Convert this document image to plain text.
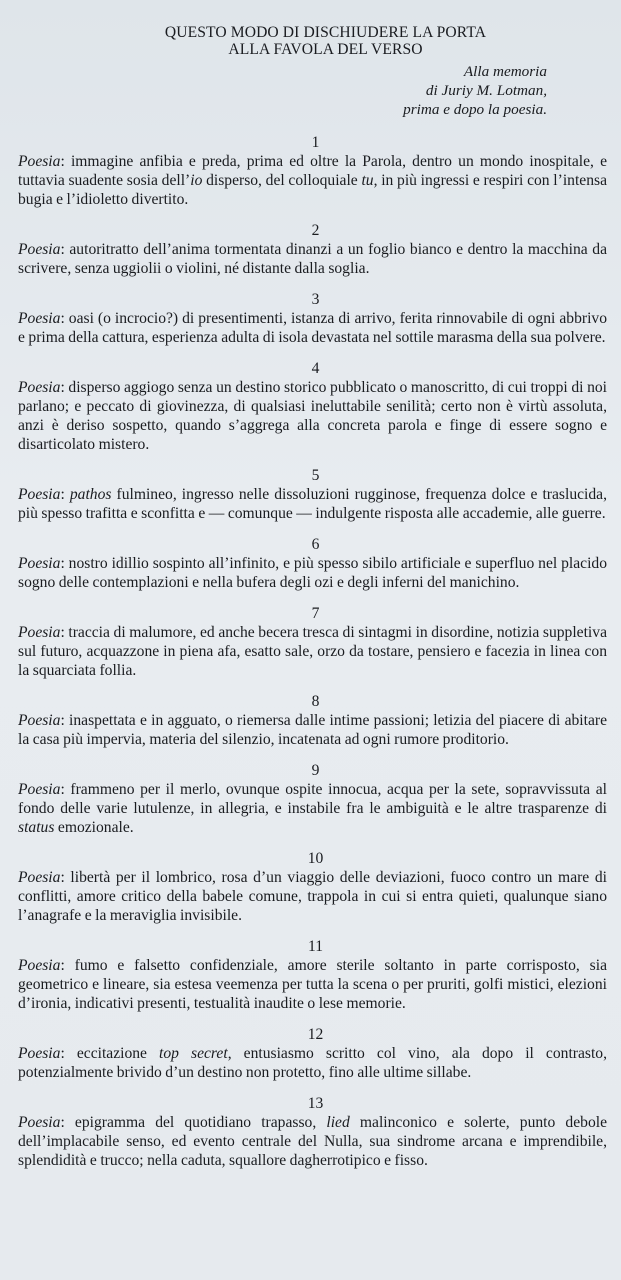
QUESTO MODO DI DISCHIUDERE LA PORTA
ALLA FAVOLA DEL VERSO
Alla memoria
di Juriy M. Lotman,
prima e dopo la poesia.
1
Poesia: immagine anfibia e preda, prima ed oltre la Parola, dentro un mondo inospitale, e tuttavia suadente sosia dell’io disperso, del colloquiale tu, in più ingressi e respiri con l’intensa bugia e l’idioletto divertito.
2
Poesia: autoritratto dell’anima tormentata dinanzi a un foglio bianco e dentro la macchina da scrivere, senza uggiolii o violini, né distante dalla soglia.
3
Poesia: oasi (o incrocio?) di presentimenti, istanza di arrivo, ferita rinnovabile di ogni abbrivo e prima della cattura, esperienza adulta di isola devastata nel sottile marasma della sua polvere.
4
Poesia: disperso aggiogo senza un destino storico pubblicato o manoscritto, di cui troppi di noi parlano; e peccato di giovinezza, di qualsiasi ineluttabile senilità; certo non è virtù assoluta, anzi è deriso sospetto, quando s’aggrega alla concreta parola e finge di essere sogno e disarticolato mistero.
5
Poesia: pathos fulmineo, ingresso nelle dissoluzioni rugginose, frequenza dolce e traslucida, più spesso trafitta e sconfitta e — comunque — indulgente risposta alle accademie, alle guerre.
6
Poesia: nostro idillio sospinto all’infinito, e più spesso sibilo artificiale e superfluo nel placido sogno delle contemplazioni e nella bufera degli ozi e degli inferni del manichino.
7
Poesia: traccia di malumore, ed anche becera tresca di sintagmi in disordine, notizia suppletiva sul futuro, acquazzone in piena afa, esatto sale, orzo da tostare, pensiero e facezia in linea con la squarciata follia.
8
Poesia: inaspettata e in agguato, o riemersa dalle intime passioni; letizia del piacere di abitare la casa più impervia, materia del silenzio, incatenata ad ogni rumore proditorio.
9
Poesia: frammeno per il merlo, ovunque ospite innocua, acqua per la sete, sopravvissuta al fondo delle varie lutulenze, in allegria, e instabile fra le ambiguità e le altre trasparenze di status emozionale.
10
Poesia: libertà per il lombrico, rosa d’un viaggio delle deviazioni, fuoco contro un mare di conflitti, amore critico della babele comune, trappola in cui si entra quieti, qualunque siano l’anagrafe e la meraviglia invisibile.
11
Poesia: fumo e falsetto confidenziale, amore sterile soltanto in parte corrisposto, sia geometrico e lineare, sia estesa veemenza per tutta la scena o per pruriti, golfi mistici, elezioni d’ironia, indicativi presenti, testualità inaudite o lese memorie.
12
Poesia: eccitazione top secret, entusiasmo scritto col vino, ala dopo il contrasto, potenzialmente brivido d’un destino non protetto, fino alle ultime sillabe.
13
Poesia: epigramma del quotidiano trapasso, lied malinconico e solerte, punto debole dell’implacabile senso, ed evento centrale del Nulla, sua sindrome arcana e imprendibile, splendidità e trucco; nella caduta, squallore dagherrotipico e fisso.
